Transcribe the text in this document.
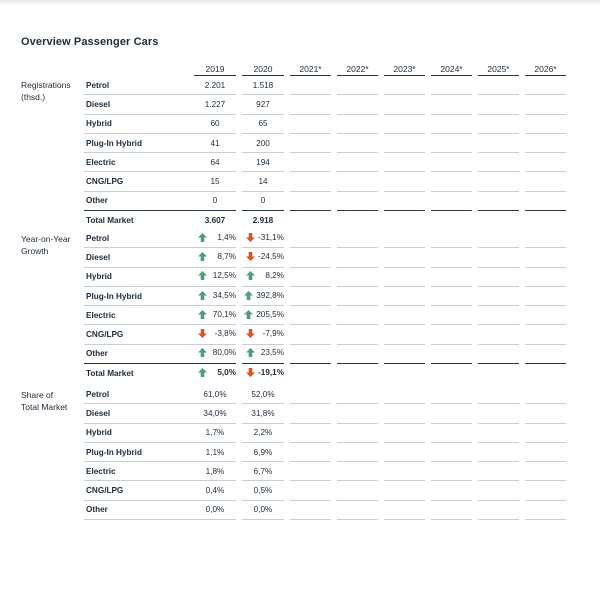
Overview Passenger Cars
Registrations
(thsd.)
	2019		2020		2021*		2022*		2023*		2024*		2025*		2026*
Petrol	2.201		1.518												
Diesel	1.227		927												
Hybrid	60		65												
Plug-In Hybrid	41		200												
Electric	64		194												
CNG/LPG	15		14												
Other	0		0												
Total Market	3.607		2.918												
Year-on-Year
Growth
Petrol	1,4%		-31,1%												

Diesel	8,7%		-24,5%												

Hybrid	12,5%		8,2%												

Plug-In Hybrid	34,5%		392,8%												

Electric	70,1%		205,5%												

CNG/LPG	-3,8%		-7,9%												

Other	80,0%		23,5%												

Total Market	5,0%		-19,1%												

Share of
Total Market
Petrol	61,0%		52,0%												
Diesel	34,0%		31,8%												
Hybrid	1,7%		2,2%												
Plug-In Hybrid	1,1%		6,9%												
Electric	1,8%		6,7%												
CNG/LPG	0,4%		0,5%												
Other	0,0%		0,0%												
